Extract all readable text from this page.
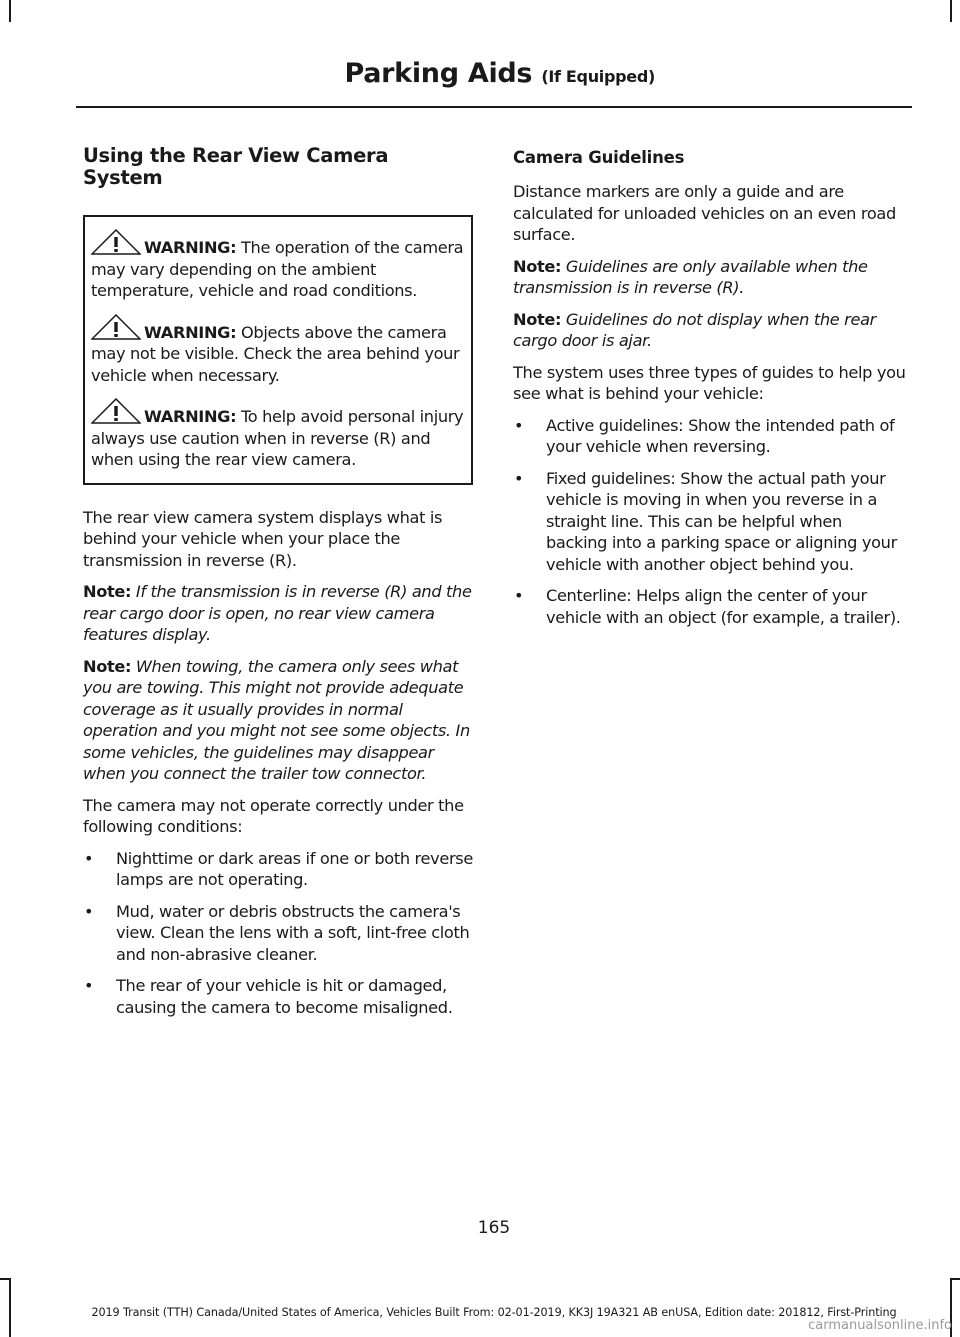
Parking Aids (If Equipped)
Using the Rear View Camera System

WARNING: The operation of the camera may vary depending on the ambient temperature, vehicle and road conditions.

WARNING: Objects above the camera may not be visible. Check the area behind your vehicle when necessary.

WARNING: To help avoid personal injury always use caution when in reverse (R) and when using the rear view camera.

The rear view camera system displays what is behind your vehicle when your place the transmission in reverse (R).

Note: If the transmission is in reverse (R) and the rear cargo door is open, no rear view camera features display.

Note: When towing, the camera only sees what you are towing. This might not provide adequate coverage as it usually provides in normal operation and you might not see some objects. In some vehicles, the guidelines may disappear when you connect the trailer tow connector.

The camera may not operate correctly under the following conditions:

• Nighttime or dark areas if one or both reverse lamps are not operating.
• Mud, water or debris obstructs the camera's view. Clean the lens with a soft, lint-free cloth and non-abrasive cleaner.
• The rear of your vehicle is hit or damaged, causing the camera to become misaligned.
Camera Guidelines

Distance markers are only a guide and are calculated for unloaded vehicles on an even road surface.

Note: Guidelines are only available when the transmission is in reverse (R).

Note: Guidelines do not display when the rear cargo door is ajar.

The system uses three types of guides to help you see what is behind your vehicle:

• Active guidelines: Show the intended path of your vehicle when reversing.
• Fixed guidelines: Show the actual path your vehicle is moving in when you reverse in a straight line. This can be helpful when backing into a parking space or aligning your vehicle with another object behind you.
• Centerline: Helps align the center of your vehicle with an object (for example, a trailer).
165
2019 Transit (TTH) Canada/United States of America, Vehicles Built From: 02-01-2019, KK3J 19A321 AB enUSA, Edition date: 201812, First-Printing
carmanualsonline.info
